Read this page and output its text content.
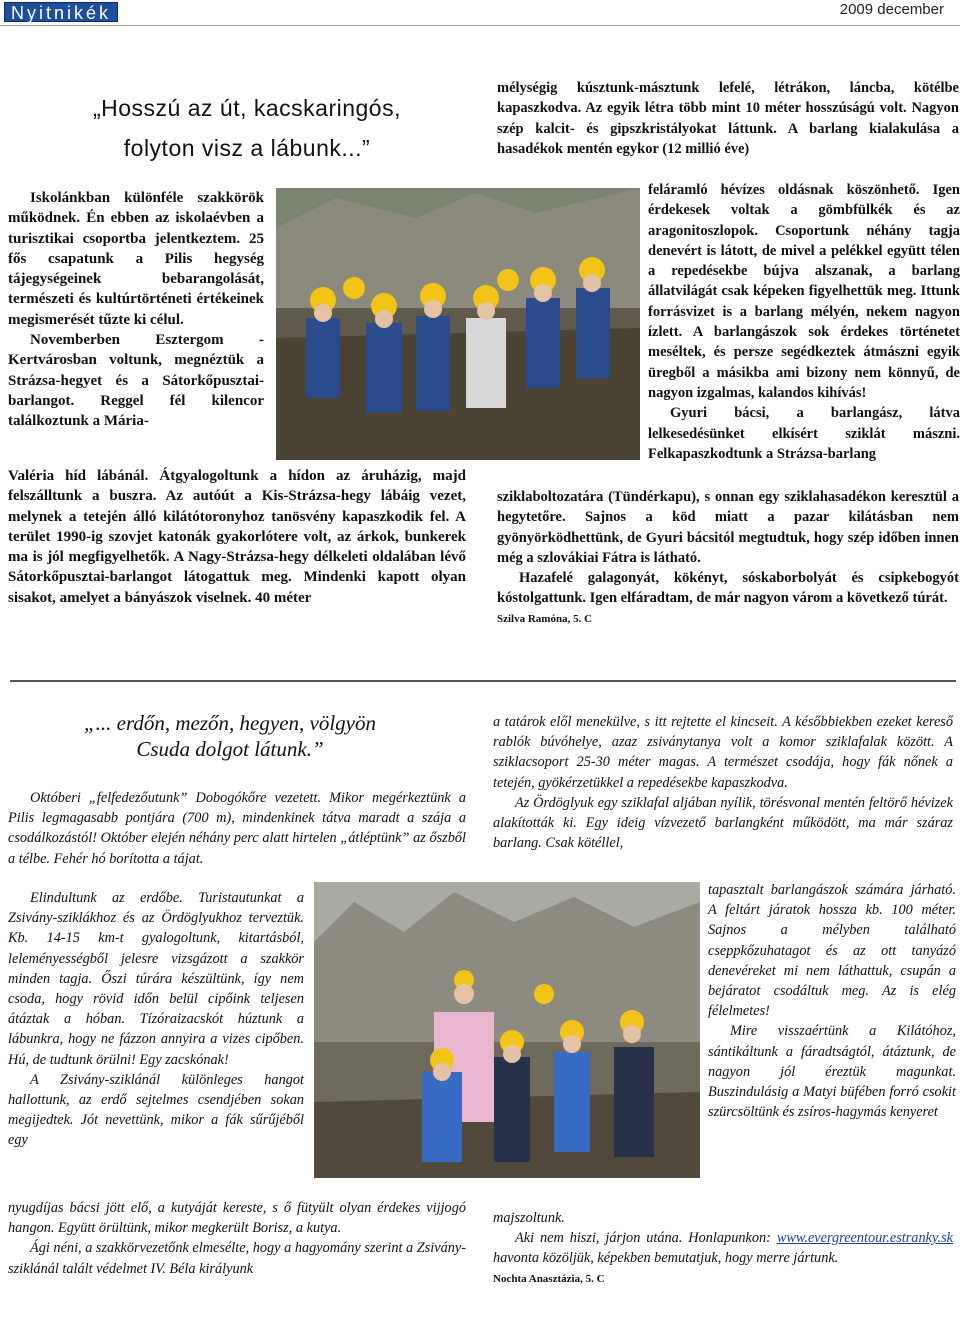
Nyitnikék	2009 december
„Hosszú az út, kacskaringós,
folyton visz a lábunk...”

Iskolánkban különféle szakkörök működnek. Én ebben az iskolaévben a turisztikai csoportba jelentkeztem. 25 fős csapatunk a Pilis hegység tájegységeinek bebarangolását, természeti és kultúrtörténeti értékeinek megismerését tűzte ki célul.

Novemberben Esztergom - Kertvárosban voltunk, megnéztük a Strázsa-hegyet és a Sátorkőpusztai-barlangot. Reggel fél kilencor találkoztunk a Mária-

Valéria híd lábánál. Átgyalogoltunk a hídon az áruházig, majd felszálltunk a buszra. Az autóút a Kis-Strázsa-hegy lábáig vezet, melynek a tetején álló kilátótoronyhoz tanösvény kapaszkodik fel. A terület 1990-ig szovjet katonák gyakorlótere volt, az árkok, bunkerek ma is jól megfigyelhetők. A Nagy-Strázsa-hegy délkeleti oldalában lévő Sátorkőpusztai-barlangot látogattuk meg. Mindenki kapott olyan sisakot, amelyet a bányászok viselnek. 40 méter

mélységig kúsztunk-másztunk lefelé, létrákon, láncba, kötélbe kapaszkodva. Az egyik létra több mint 10 méter hosszúságú volt. Nagyon szép kalcit- és gipszkristályokat láttunk. A barlang kialakulása a hasadékok mentén egykor (12 millió éve)

feláramló hévízes oldásnak köszönhető. Igen érdekesek voltak a gömbfülkék és az aragonitoszlopok. Csoportunk néhány tagja denevért is látott, de mivel a pelékkel együtt télen a repedésekbe bújva alszanak, a barlang állatvilágát csak képeken figyelhettük meg. Ittunk forrásvizet is a barlang mélyén, nekem nagyon ízlett. A barlangászok sok érdekes történetet meséltek, és persze segédkeztek átmászni egyik üregből a másikba ami bizony nem könnyű, de nagyon izgalmas, kalandos kihívás!

Gyuri bácsi, a barlangász, látva lelkesedésünket elkísért sziklát mászni. Felkapaszkodtunk a Strázsa-barlang

sziklaboltozatára (Tündérkapu), s onnan egy sziklahasadékon keresztül a hegytetőre. Sajnos a köd miatt a pazar kilátásban nem gyönyörködhettünk, de Gyuri bácsitól megtudtuk, hogy szép időben innen még a szlovákiai Fátra is látható.

Hazafelé galagonyát, kökényt, sóskaborbolyát és csipkebogyót kóstolgattunk. Igen elfáradtam, de már nagyon várom a következő túrát.

Szilva Ramóna, 5. C

„... erdőn, mezőn, hegyen, völgyön
Csuda dolgot látunk.”

Októberi „felfedezőutunk” Dobogókőre vezetett. Mikor megérkeztünk a Pilis legmagasabb pontjára (700 m), mindenkinek tátva maradt a szája a csodálkozástól! Október elején néhány perc alatt hirtelen „átléptünk” az őszből a télbe. Fehér hó borította a tájat.

Elindultunk az erdőbe. Turistautunkat a Zsivány-sziklákhoz és az Ördöglyukhoz terveztük. Kb. 14-15 km-t gyalogoltunk, kitartásból, leleményességből jelesre vizsgázott a szakkör minden tagja. Őszi túrára készültünk, így nem csoda, hogy rövid időn belül cipőink teljesen átáztak a hóban. Tízóraizacskót húztunk a lábunkra, hogy ne fázzon annyira a vizes cipőben. Hú, de tudtunk örülni! Egy zacskónak!

A Zsivány-sziklánál különleges hangot hallottunk, az erdő sejtelmes csendjében sokan megijedtek. Jót nevettünk, mikor a fák sűrűjéből egy

nyugdíjas bácsi jött elő, a kutyáját kereste, s ő fütyült olyan érdekes vijjogó hangon. Együtt örültünk, mikor megkerült Borisz, a kutya.

Ági néni, a szakkörvezetőnk elmesélte, hogy a hagyomány szerint a Zsivány-sziklánál talált védelmet IV. Béla királyunk

a tatárok elől menekülve, s itt rejtette el kincseit. A későbbiekben ezeket kereső rablók búvóhelye, azaz zsiványtanya volt a komor sziklafalak között. A sziklacsoport 25-30 méter magas. A természet csodája, hogy fák nőnek a tetején, gyökérzetükkel a repedésekbe kapaszkodva.

Az Ördöglyuk egy sziklafal aljában nyílik, törésvonal mentén feltörő hévizek alakították ki. Egy ideig vízvezető barlangként működött, ma már száraz barlang. Csak kötéllel,

tapasztalt barlangászok számára járható. A feltárt járatok hossza kb. 100 méter. Sajnos a mélyben található cseppkőzuhatagot és az ott tanyázó denevéreket mi nem láthattuk, csupán a bejáratot csodáltuk meg. Az is elég félelmetes!

Mire visszaértünk a Kilátóhoz, sántikáltunk a fáradtságtól, átáztunk, de nagyon jól éreztük magunkat. Buszindulásig a Matyi büfében forró csokit szürcsöltünk és zsíros-hagymás kenyeret

majszoltunk.

Aki nem hiszi, járjon utána. Honlapunkon: www.evergreentour.estranky.sk havonta közöljük, képekben bemutatjuk, hogy merre jártunk.

Nochta Anasztázia, 5. C
